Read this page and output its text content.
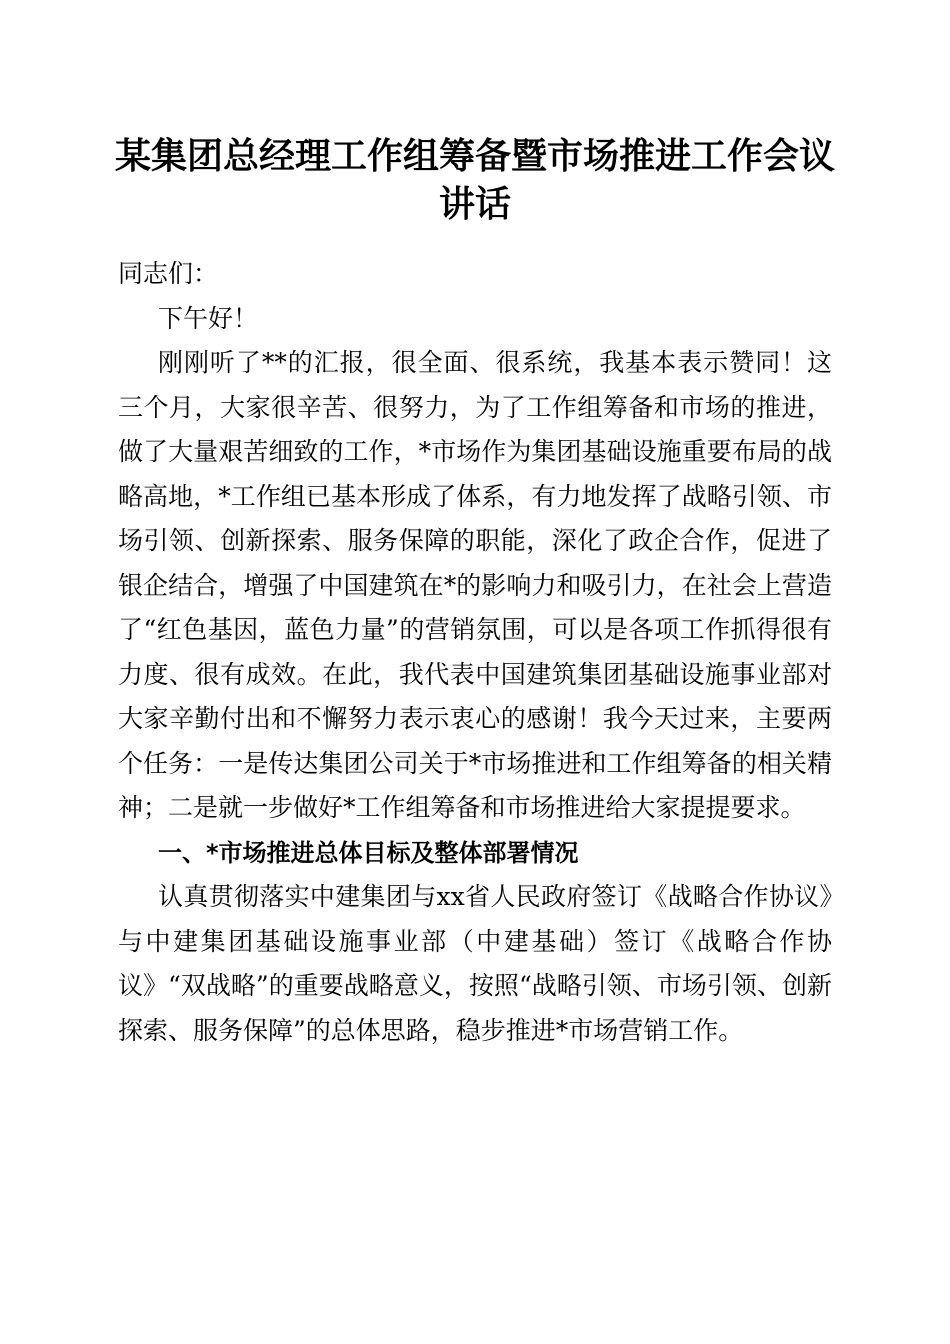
某集团总经理工作组筹备暨市场推进工作会议
讲话

同志们：

下午好！

刚刚听了**的汇报，很全面、很系统，我基本表示赞同！这三个月，大家很辛苦、很努力，为了工作组筹备和市场的推进，做了大量艰苦细致的工作，*市场作为集团基础设施重要布局的战略高地，*工作组已基本形成了体系，有力地发挥了战略引领、市场引领、创新探索、服务保障的职能，深化了政企合作，促进了银企结合，增强了中国建筑在*的影响力和吸引力，在社会上营造了“红色基因，蓝色力量”的营销氛围，可以是各项工作抓得很有力度、很有成效。在此，我代表中国建筑集团基础设施事业部对大家辛勤付出和不懈努力表示衷心的感谢！我今天过来，主要两个任务：一是传达集团公司关于*市场推进和工作组筹备的相关精神；二是就一步做好*工作组筹备和市场推进给大家提提要求。

一、*市场推进总体目标及整体部署情况

认真贯彻落实中建集团与xx省人民政府签订《战略合作协议》与中建集团基础设施事业部（中建基础）签订《战略合作协议》“双战略”的重要战略意义，按照“战略引领、市场引领、创新探索、服务保障”的总体思路，稳步推进*市场营销工作。
